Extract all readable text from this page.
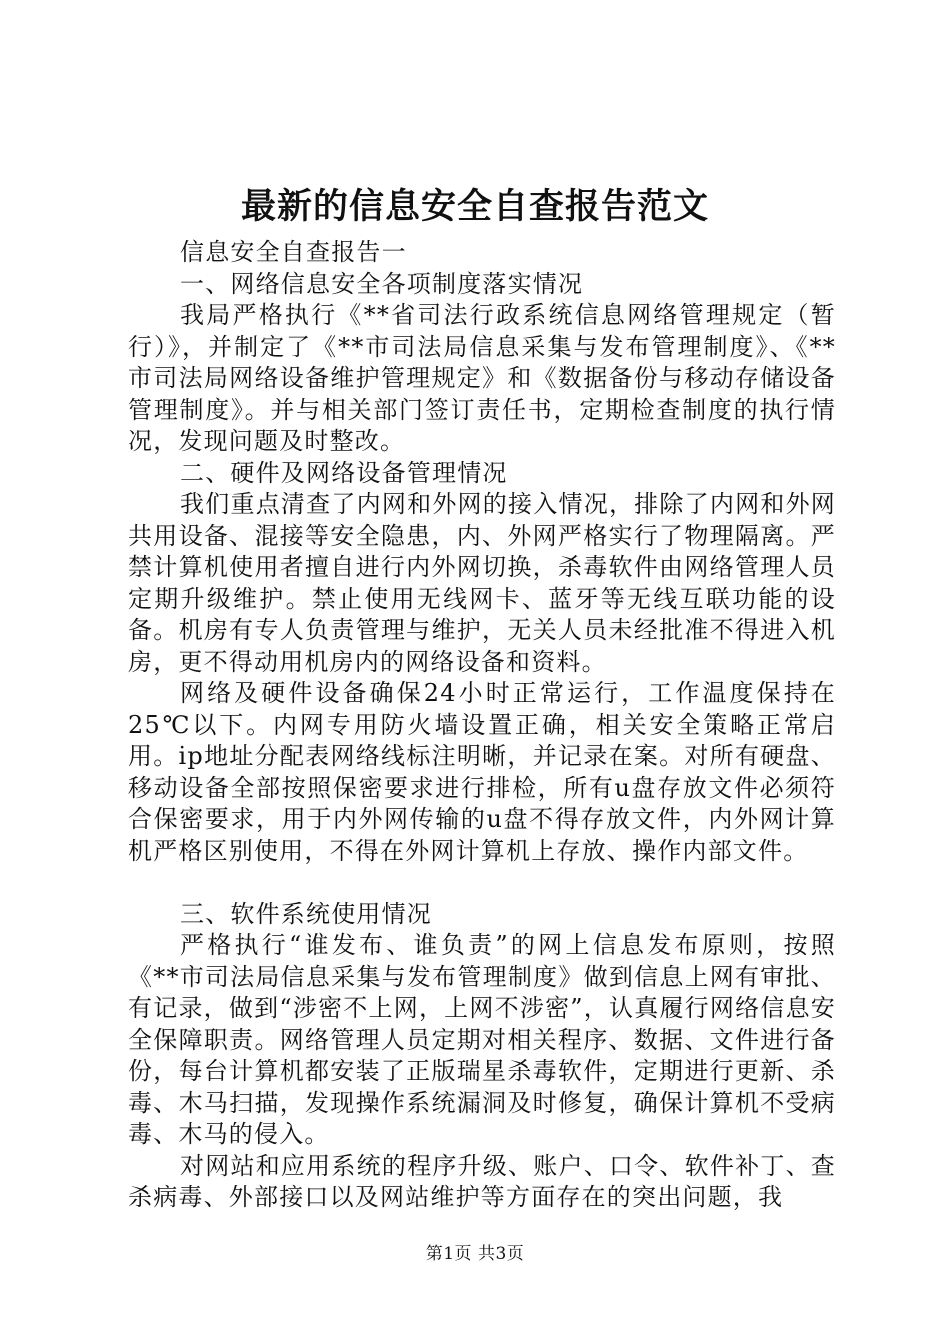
最新的信息安全自查报告范文

信息安全自查报告一

一、网络信息安全各项制度落实情况

我局严格执行《**省司法行政系统信息网络管理规定（暂行）》，并制定了《**市司法局信息采集与发布管理制度》、《**市司法局网络设备维护管理规定》和《数据备份与移动存储设备管理制度》。并与相关部门签订责任书，定期检查制度的执行情况，发现问题及时整改。

二、硬件及网络设备管理情况

我们重点清查了内网和外网的接入情况，排除了内网和外网共用设备、混接等安全隐患，内、外网严格实行了物理隔离。严禁计算机使用者擅自进行内外网切换，杀毒软件由网络管理人员定期升级维护。禁止使用无线网卡、蓝牙等无线互联功能的设备。机房有专人负责管理与维护，无关人员未经批准不得进入机房，更不得动用机房内的网络设备和资料。

网络及硬件设备确保24小时正常运行，工作温度保持在25℃以下。内网专用防火墙设置正确，相关安全策略正常启用。ip地址分配表网络线标注明晰，并记录在案。对所有硬盘、移动设备全部按照保密要求进行排检，所有u盘存放文件必须符合保密要求，用于内外网传输的u盘不得存放文件，内外网计算机严格区别使用，不得在外网计算机上存放、操作内部文件。

三、软件系统使用情况

严格执行“谁发布、谁负责”的网上信息发布原则，按照《**市司法局信息采集与发布管理制度》做到信息上网有审批、有记录，做到“涉密不上网，上网不涉密”，认真履行网络信息安全保障职责。网络管理人员定期对相关程序、数据、文件进行备份，每台计算机都安装了正版瑞星杀毒软件，定期进行更新、杀毒、木马扫描，发现操作系统漏洞及时修复，确保计算机不受病毒、木马的侵入。

对网站和应用系统的程序升级、账户、口令、软件补丁、查杀病毒、外部接口以及网站维护等方面存在的突出问题，我

第1页 共3页
